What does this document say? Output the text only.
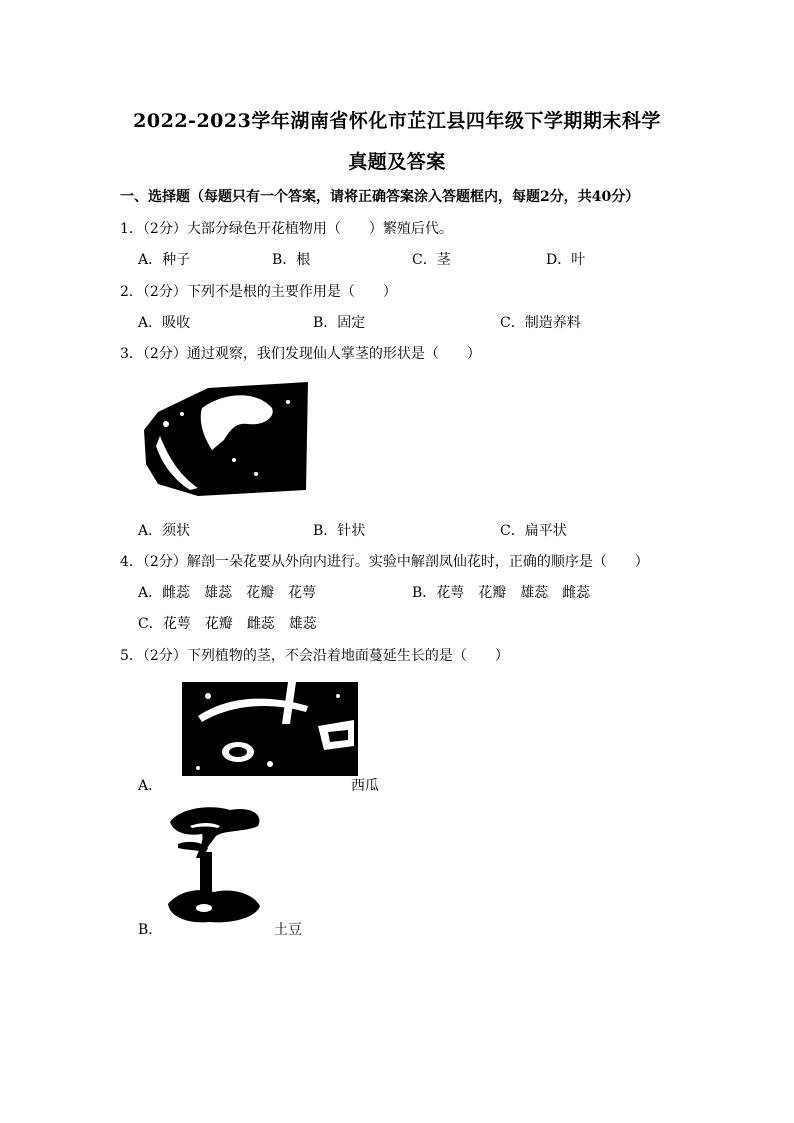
2022-2023学年湖南省怀化市芷江县四年级下学期期末科学
真题及答案
一、选择题（每题只有一个答案，请将正确答案涂入答题框内，每题2分，共40分）
1．（2分）大部分绿色开花植物用（　　）繁殖后代。
A．种子	B．根	C．茎	D．叶
2．（2分）下列不是根的主要作用是（　　）
A．吸收	B．固定	C．制造养料
3．（2分）通过观察，我们发现仙人掌茎的形状是（　　）
A．须状	B．针状	C．扁平状
4．（2分）解剖一朵花要从外向内进行。实验中解剖凤仙花时，正确的顺序是（　　）
A．雌蕊　雄蕊　花瓣　花萼	B．花萼　花瓣　雄蕊　雌蕊
C．花萼　花瓣　雌蕊　雄蕊
5．（2分）下列植物的茎，不会沿着地面蔓延生长的是（　　）
A．	西瓜
B．	土豆
